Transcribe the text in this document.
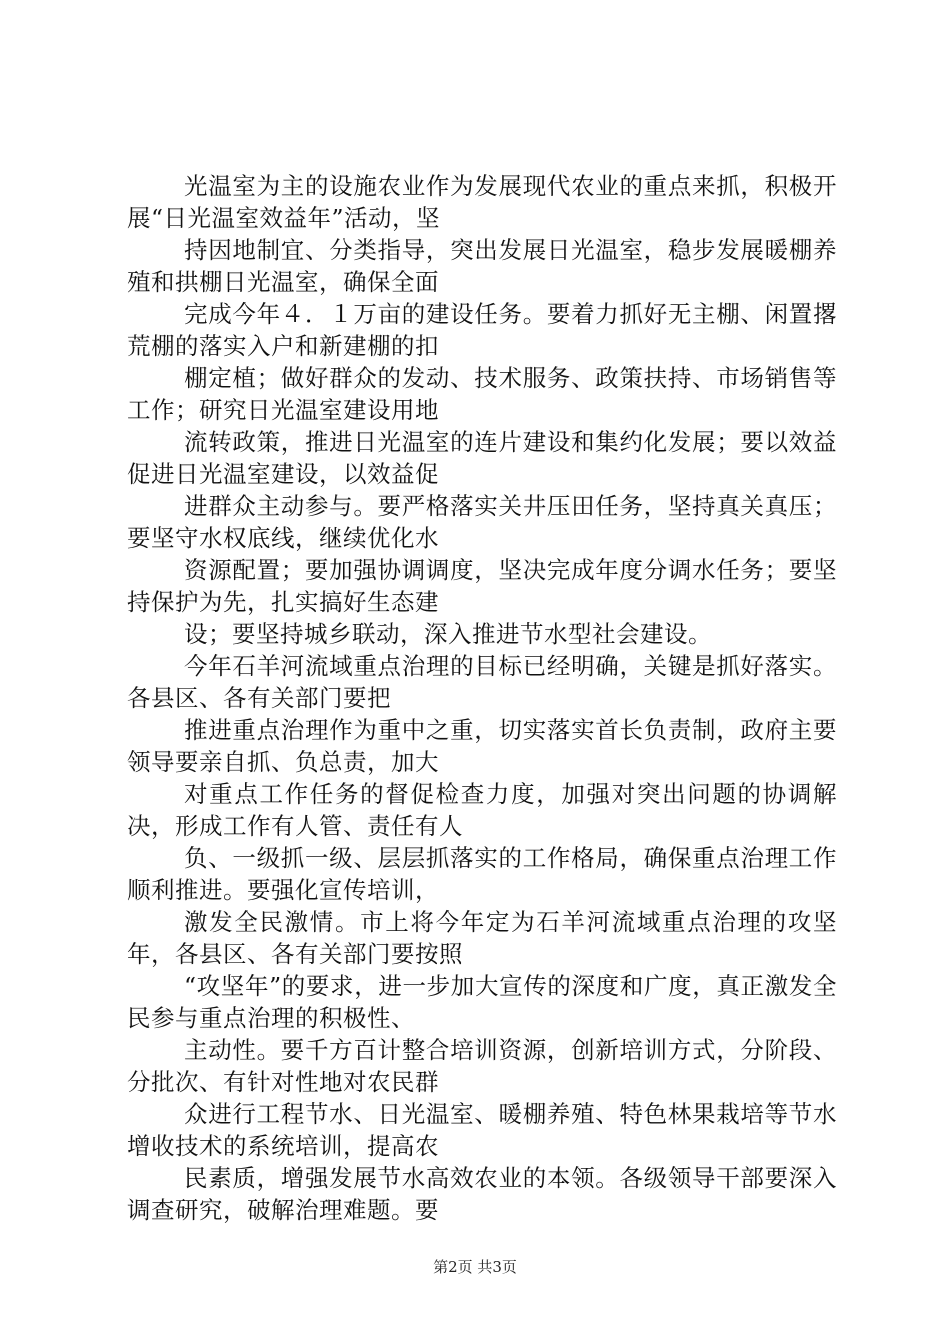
光温室为主的设施农业作为发展现代农业的重点来抓，积极开展“日光温室效益年”活动，坚

持因地制宜、分类指导，突出发展日光温室，稳步发展暖棚养殖和拱棚日光温室，确保全面

完成今年４．１万亩的建设任务。要着力抓好无主棚、闲置撂荒棚的落实入户和新建棚的扣

棚定植；做好群众的发动、技术服务、政策扶持、市场销售等工作；研究日光温室建设用地

流转政策，推进日光温室的连片建设和集约化发展；要以效益促进日光温室建设，以效益促

进群众主动参与。要严格落实关井压田任务，坚持真关真压；要坚守水权底线，继续优化水

资源配置；要加强协调调度，坚决完成年度分调水任务；要坚持保护为先，扎实搞好生态建

设；要坚持城乡联动，深入推进节水型社会建设。

今年石羊河流域重点治理的目标已经明确，关键是抓好落实。各县区、各有关部门要把

推进重点治理作为重中之重，切实落实首长负责制，政府主要领导要亲自抓、负总责，加大

对重点工作任务的督促检查力度，加强对突出问题的协调解决，形成工作有人管、责任有人

负、一级抓一级、层层抓落实的工作格局，确保重点治理工作顺利推进。要强化宣传培训，

激发全民激情。市上将今年定为石羊河流域重点治理的攻坚年，各县区、各有关部门要按照

“攻坚年”的要求，进一步加大宣传的深度和广度，真正激发全民参与重点治理的积极性、

主动性。要千方百计整合培训资源，创新培训方式，分阶段、分批次、有针对性地对农民群

众进行工程节水、日光温室、暖棚养殖、特色林果栽培等节水增收技术的系统培训，提高农

民素质，增强发展节水高效农业的本领。各级领导干部要深入调查研究，破解治理难题。要

第2页 共3页
